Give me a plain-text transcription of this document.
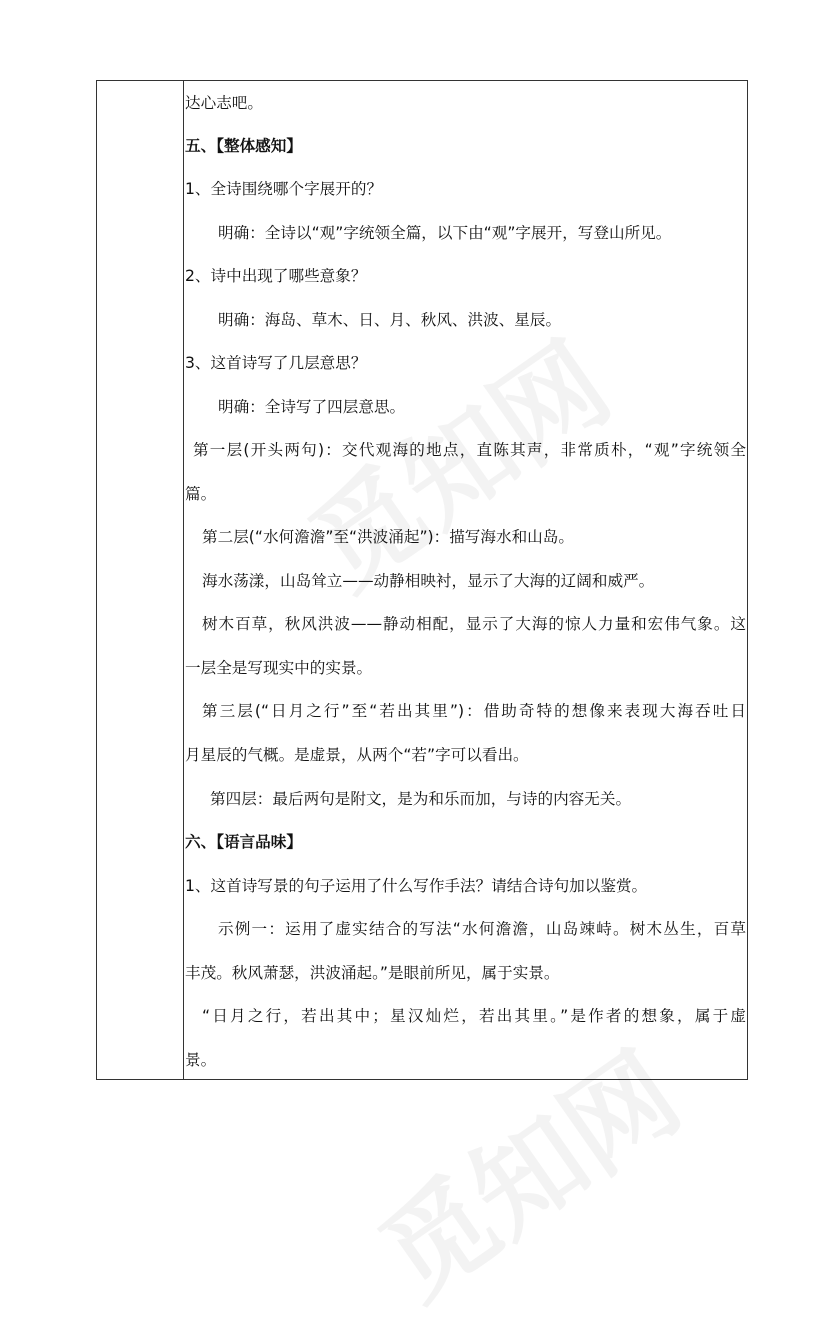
达心志吧。
五、【整体感知】
1、全诗围绕哪个字展开的？
明确：全诗以“观”字统领全篇，以下由“观”字展开，写登山所见。
2、诗中出现了哪些意象？
明确：海岛、草木、日、月、秋风、洪波、星辰。
3、这首诗写了几层意思？
明确：全诗写了四层意思。
第一层(开头两句)：交代观海的地点，直陈其声，非常质朴，“观”字统领全
篇。
第二层(“水何澹澹”至“洪波涌起”)：描写海水和山岛。
海水荡漾，山岛耸立——动静相映衬，显示了大海的辽阔和威严。
树木百草，秋风洪波——静动相配，显示了大海的惊人力量和宏伟气象。这
一层全是写现实中的实景。
第三层(“日月之行”至“若出其里”)：借助奇特的想像来表现大海吞吐日
月星辰的气概。是虚景，从两个“若”字可以看出。
第四层：最后两句是附文，是为和乐而加，与诗的内容无关。
六、【语言品味】
1、这首诗写景的句子运用了什么写作手法？请结合诗句加以鉴赏。
示例一：运用了虚实结合的写法“水何澹澹，山岛竦峙。树木丛生，百草
丰茂。秋风萧瑟，洪波涌起。”是眼前所见，属于实景。
“日月之行，若出其中；星汉灿烂，若出其里。”是作者的想象，属于虚
景。
